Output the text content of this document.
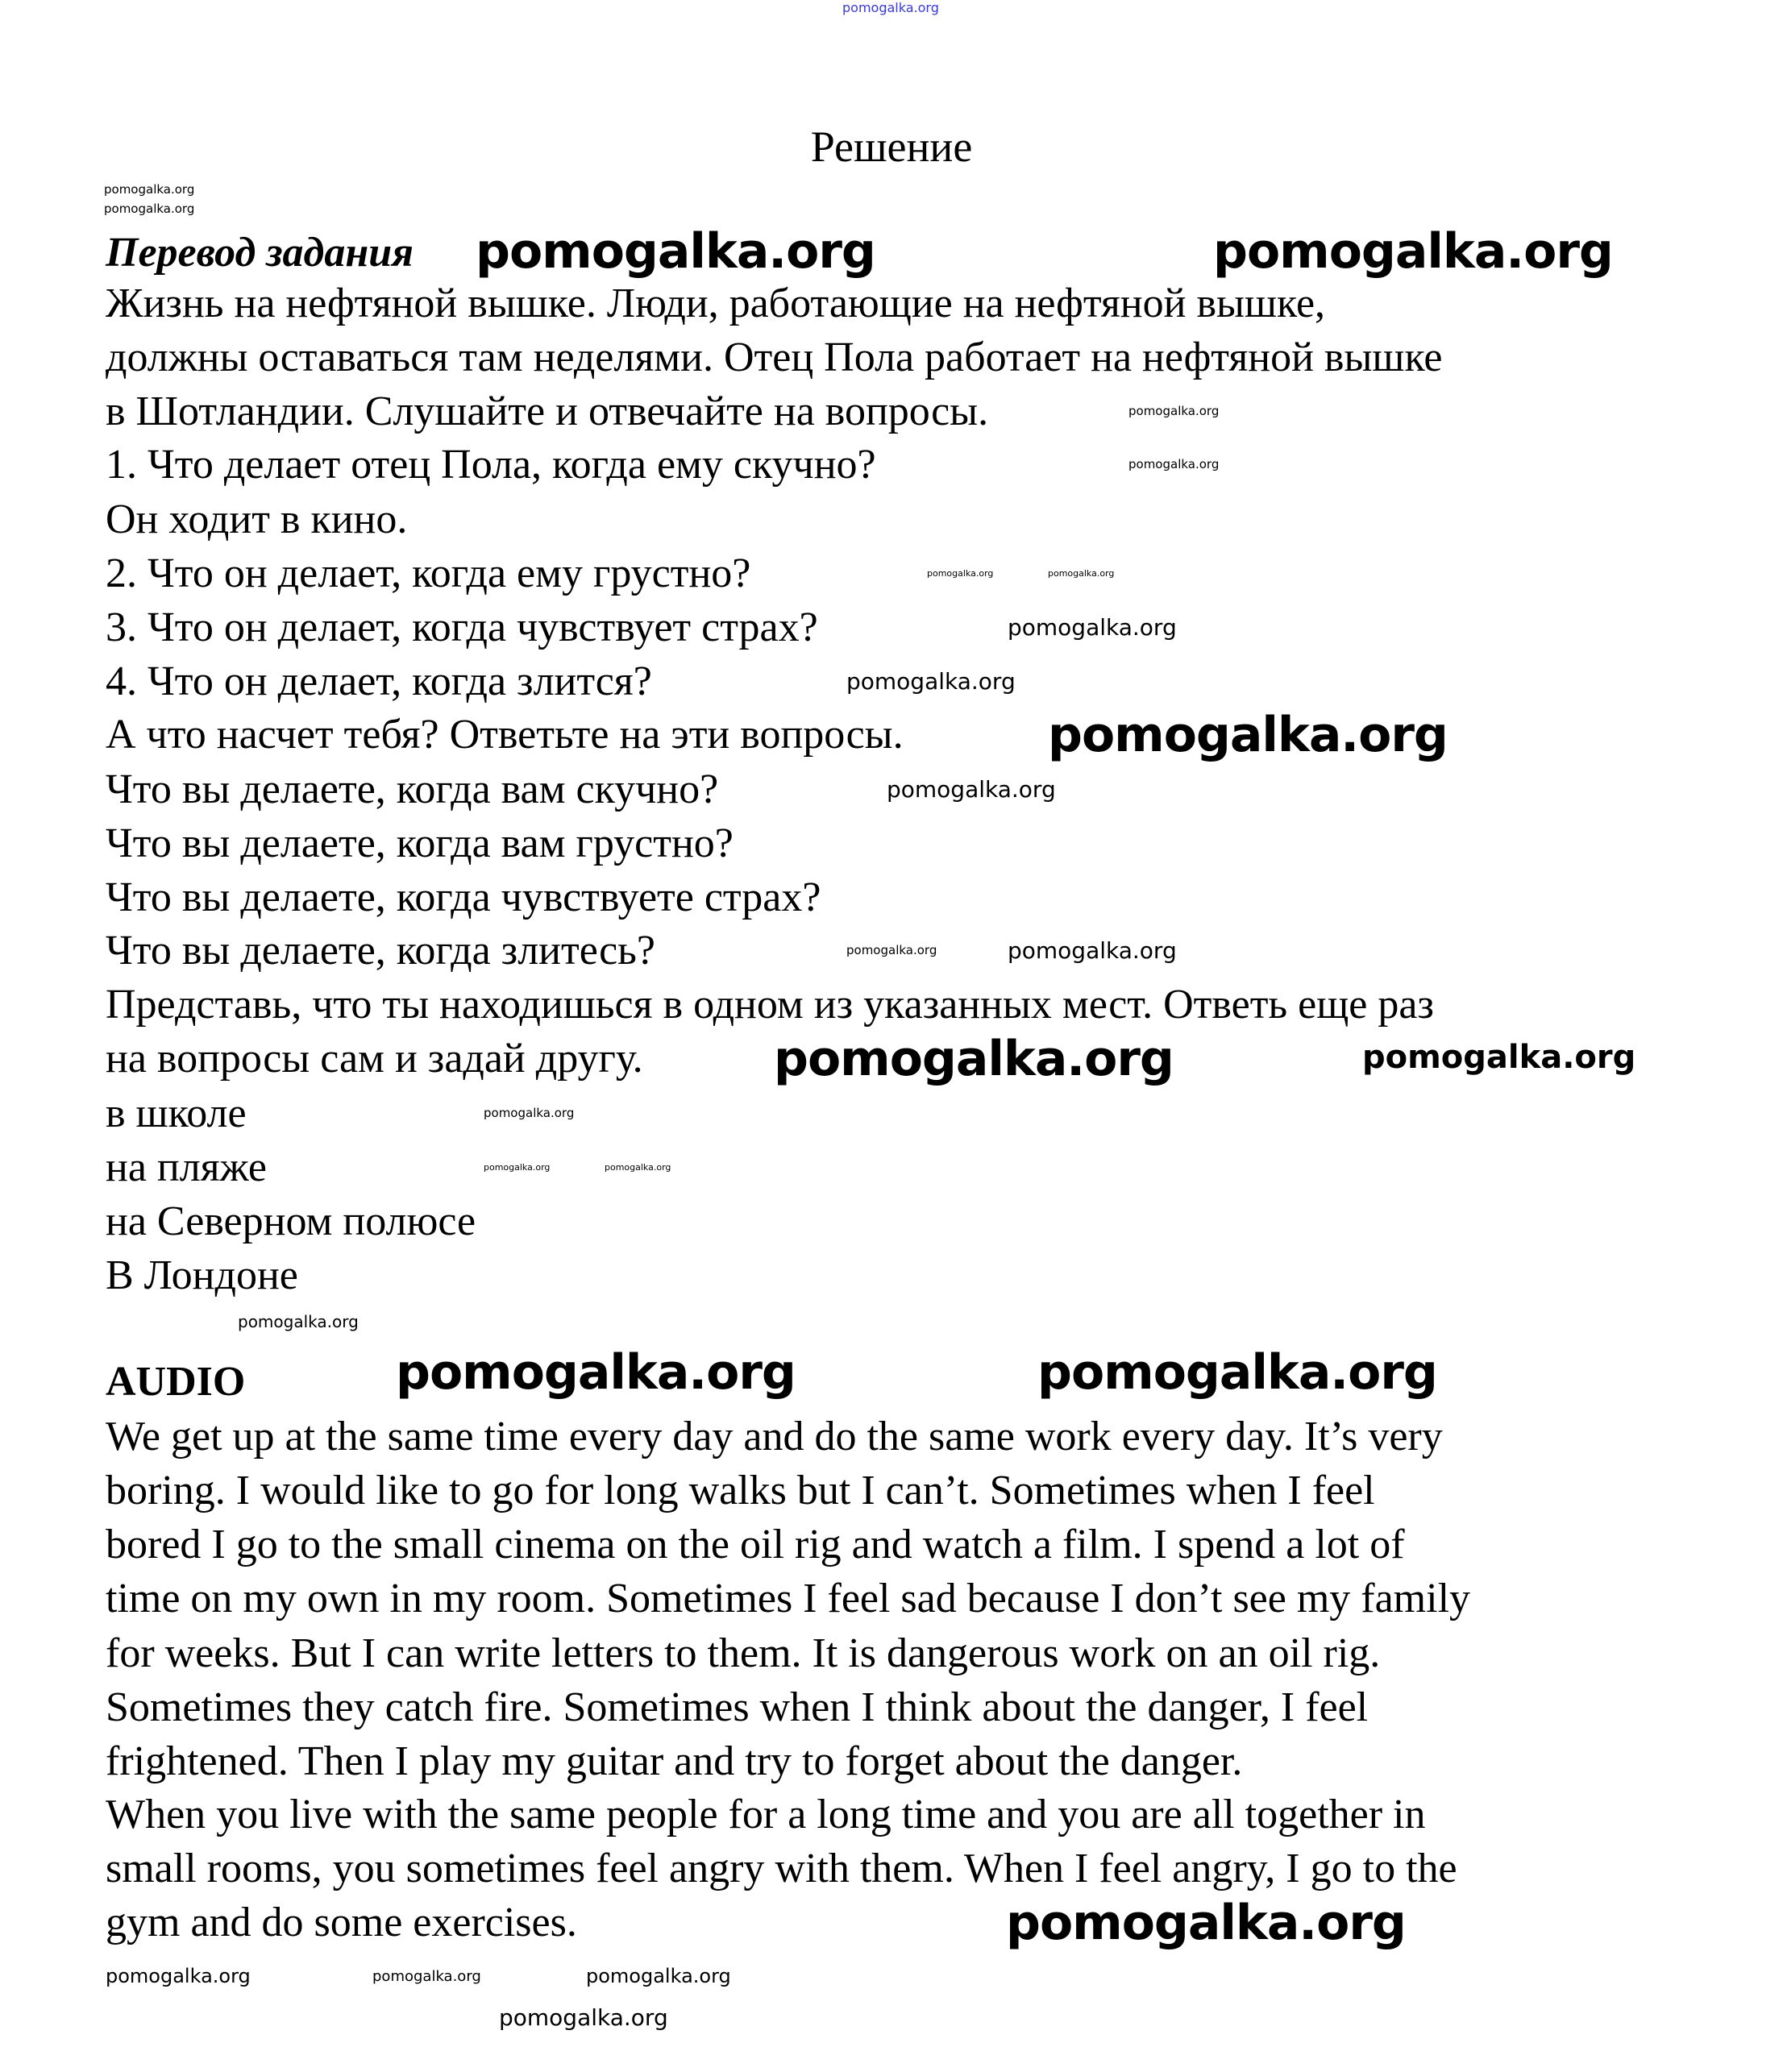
pomogalka.org
Решение
Перевод задания
Жизнь на нефтяной вышке. Люди, работающие на нефтяной вышке,
должны оставаться там неделями. Отец Пола работает на нефтяной вышке
в Шотландии. Слушайте и отвечайте на вопросы.
1. Что делает отец Пола, когда ему скучно?
Он ходит в кино.
2. Что он делает, когда ему грустно?
3. Что он делает, когда чувствует страх?
4. Что он делает, когда злится?
А что насчет тебя? Ответьте на эти вопросы.
Что вы делаете, когда вам скучно?
Что вы делаете, когда вам грустно?
Что вы делаете, когда чувствуете страх?
Что вы делаете, когда злитесь?
Представь, что ты находишься в одном из указанных мест. Ответь еще раз
на вопросы сам и задай другу.
в школе
на пляже
на Северном полюсе
В Лондоне
AUDIO
We get up at the same time every day and do the same work every day. It’s very
boring. I would like to go for long walks but I can’t. Sometimes when I feel
bored I go to the small cinema on the oil rig and watch a film. I spend a lot of
time on my own in my room. Sometimes I feel sad because I don’t see my family
for weeks. But I can write letters to them. It is dangerous work on an oil rig.
Sometimes they catch fire. Sometimes when I think about the danger, I feel
frightened. Then I play my guitar and try to forget about the danger.
When you live with the same people for a long time and you are all together in
small rooms, you sometimes feel angry with them. When I feel angry, I go to the
gym and do some exercises.
pomogalka.org
pomogalka.org
pomogalka.org	pomogalka.org
pomogalka.org
pomogalka.org
pomogalka.org	pomogalka.org
pomogalka.org
pomogalka.org
pomogalka.org
pomogalka.org
pomogalka.org	pomogalka.org
pomogalka.org
pomogalka.org	pomogalka.org
pomogalka.org	pomogalka.org
pomogalka.org	pomogalka.org
pomogalka.org
pomogalka.org
pomogalka.org	pomogalka.org	pomogalka.org
pomogalka.org
